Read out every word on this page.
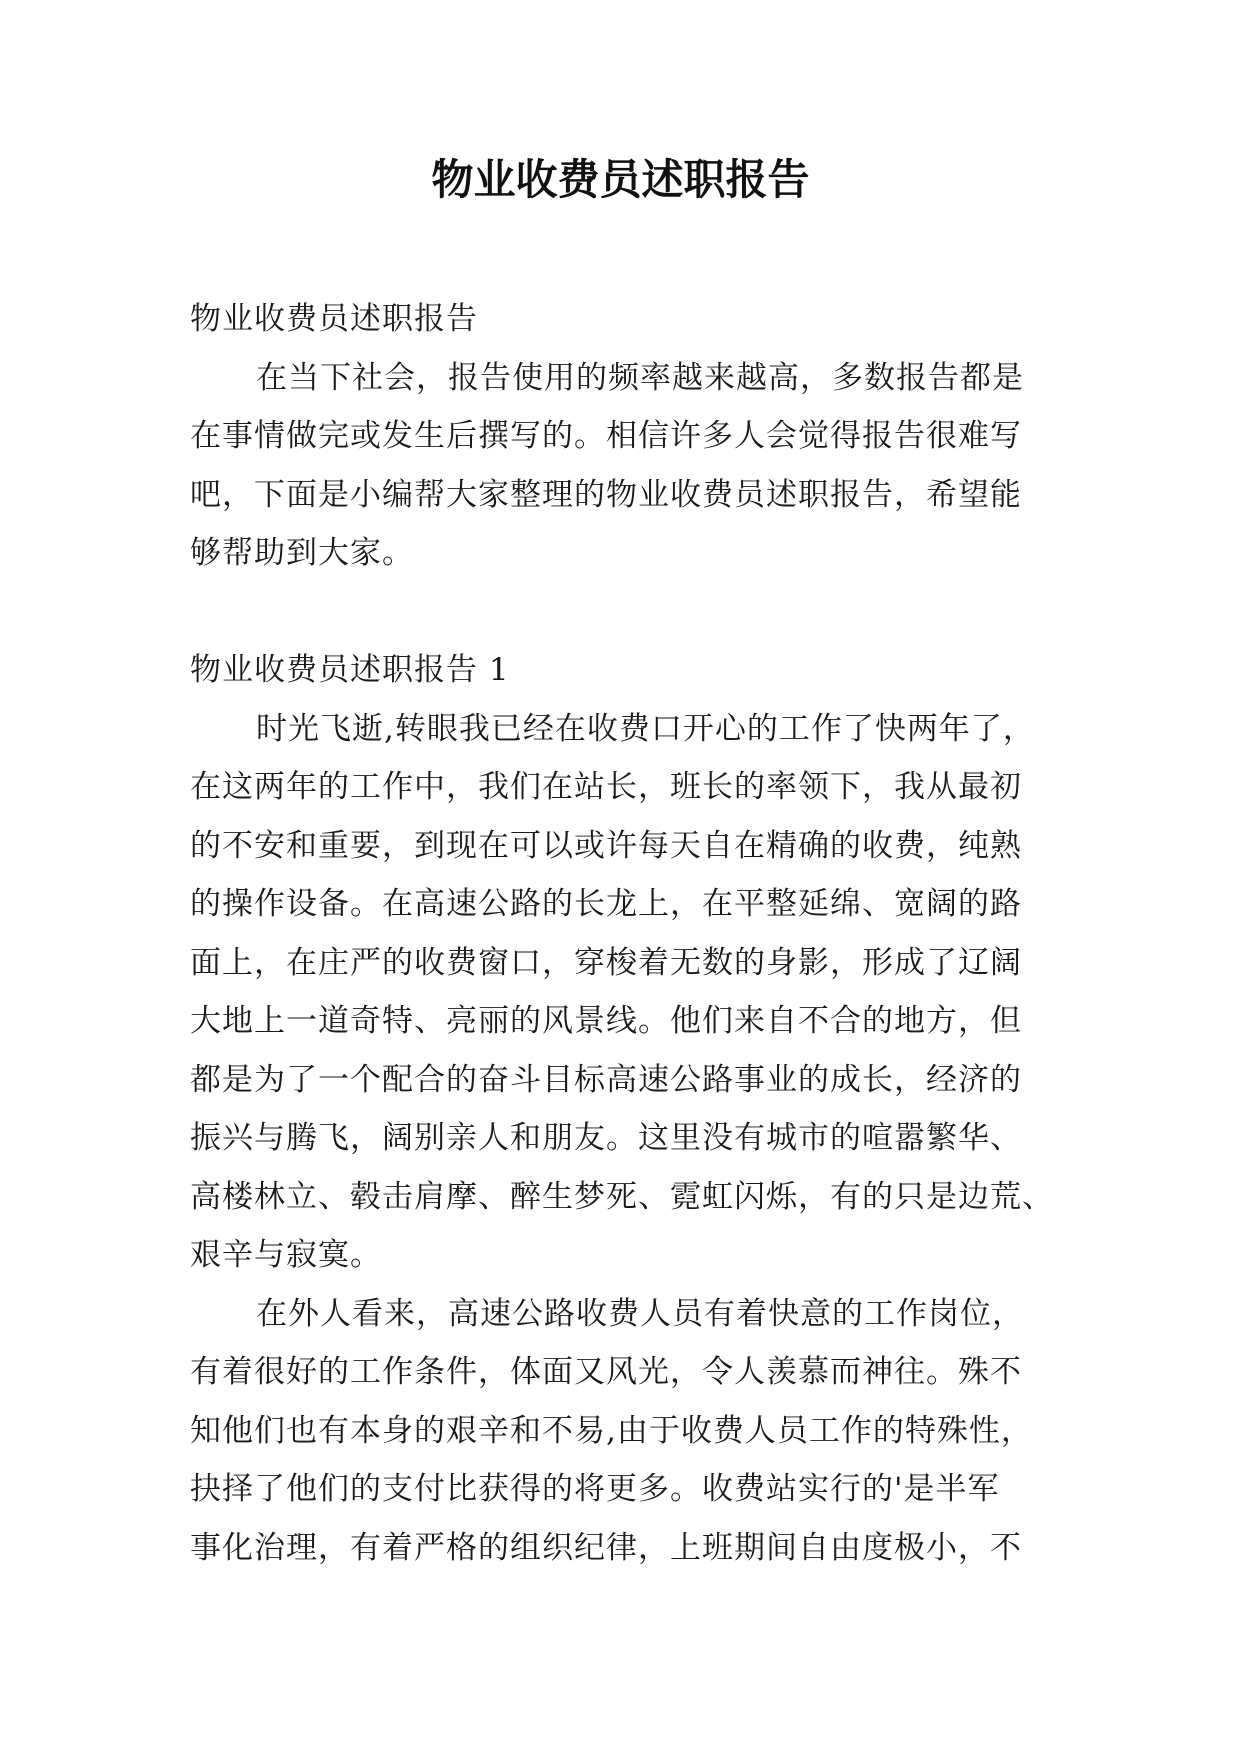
物业收费员述职报告
物业收费员述职报告
在当下社会，报告使用的频率越来越高，多数报告都是
在事情做完或发生后撰写的。相信许多人会觉得报告很难写
吧，下面是小编帮大家整理的物业收费员述职报告，希望能
够帮助到大家。
物业收费员述职报告 1
时光飞逝,转眼我已经在收费口开心的工作了快两年了，
在这两年的工作中，我们在站长，班长的率领下，我从最初
的不安和重要，到现在可以或许每天自在精确的收费，纯熟
的操作设备。在高速公路的长龙上，在平整延绵、宽阔的路
面上，在庄严的收费窗口，穿梭着无数的身影，形成了辽阔
大地上一道奇特、亮丽的风景线。他们来自不合的地方，但
都是为了一个配合的奋斗目标高速公路事业的成长，经济的
振兴与腾飞，阔别亲人和朋友。这里没有城市的喧嚣繁华、
高楼林立、毂击肩摩、醉生梦死、霓虹闪烁，有的只是边荒、
艰辛与寂寞。
在外人看来，高速公路收费人员有着快意的工作岗位，
有着很好的工作条件，体面又风光，令人羡慕而神往。殊不
知他们也有本身的艰辛和不易,由于收费人员工作的特殊性，
抉择了他们的支付比获得的将更多。收费站实行的'是半军
事化治理，有着严格的组织纪律，上班期间自由度极小，不
